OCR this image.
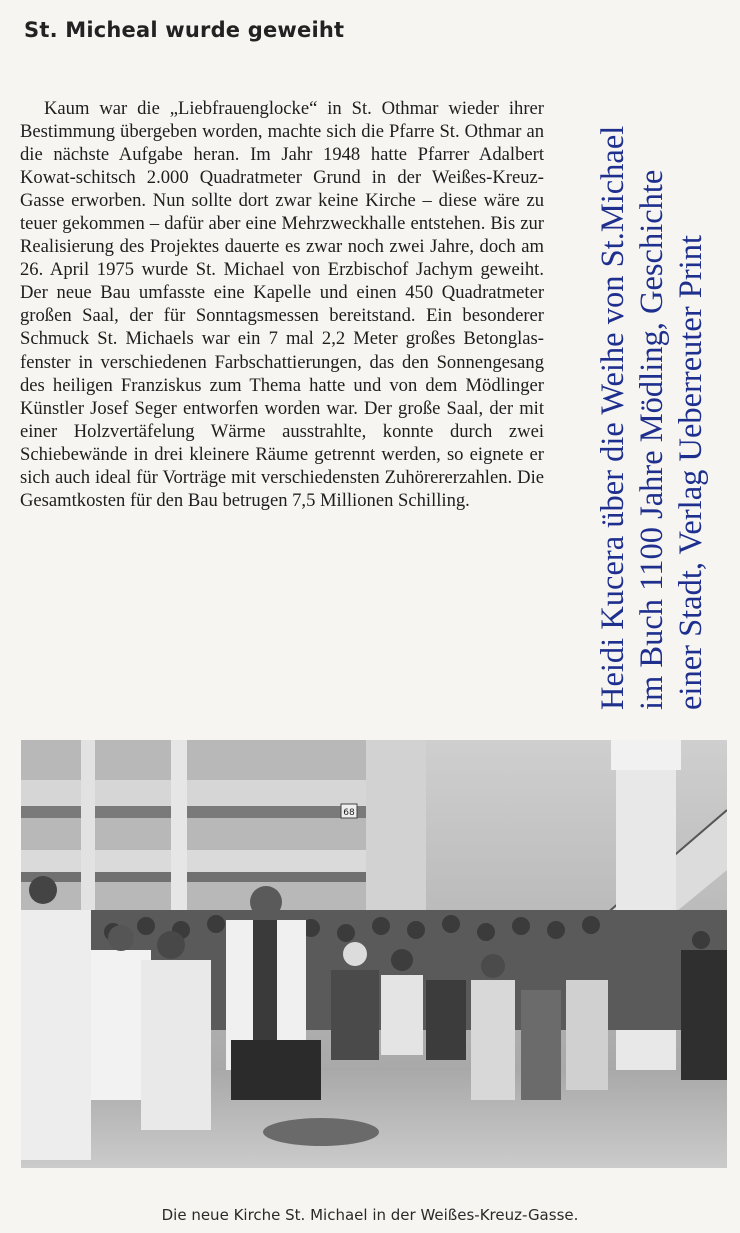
St. Micheal wurde geweiht

Kaum war die „Liebfrauenglocke“ in St. Othmar wieder ihrer Bestimmung übergeben worden, machte sich die Pfarre St. Othmar an die nächste Aufgabe heran. Im Jahr 1948 hatte Pfarrer Adalbert Kowat-schitsch 2.000 Quadratmeter Grund in der Weißes-Kreuz-Gasse erworben. Nun sollte dort zwar keine Kirche – diese wäre zu teuer gekommen – dafür aber eine Mehrzweckhalle entstehen. Bis zur Realisierung des Projektes dauerte es zwar noch zwei Jahre, doch am 26. April 1975 wurde St. Michael von Erzbischof Jachym geweiht. Der neue Bau umfasste eine Kapelle und einen 450 Quadratmeter großen Saal, der für Sonntagsmessen bereitstand. Ein besonderer Schmuck St. Michaels war ein 7 mal 2,2 Meter großes Betonglas-fenster in verschiedenen Farbschattierungen, das den Sonnengesang des heiligen Franziskus zum Thema hatte und von dem Mödlinger Künstler Josef Seger entworfen worden war. Der große Saal, der mit einer Holzvertäfelung Wärme ausstrahlte, konnte durch zwei Schiebewände in drei kleinere Räume getrennt werden, so eignete er sich auch ideal für Vorträge mit verschiedensten Zuhörererzahlen. Die Gesamtkosten für den Bau betrugen 7,5 Millionen Schilling.	Heidi Kucera über die Weihe von St.Michael im Buch 1100 Jahre Mödling, Geschichte einer Stadt, Verlag Ueberreuter Print
68
Die neue Kirche St. Michael in der Weißes-Kreuz-Gasse.
